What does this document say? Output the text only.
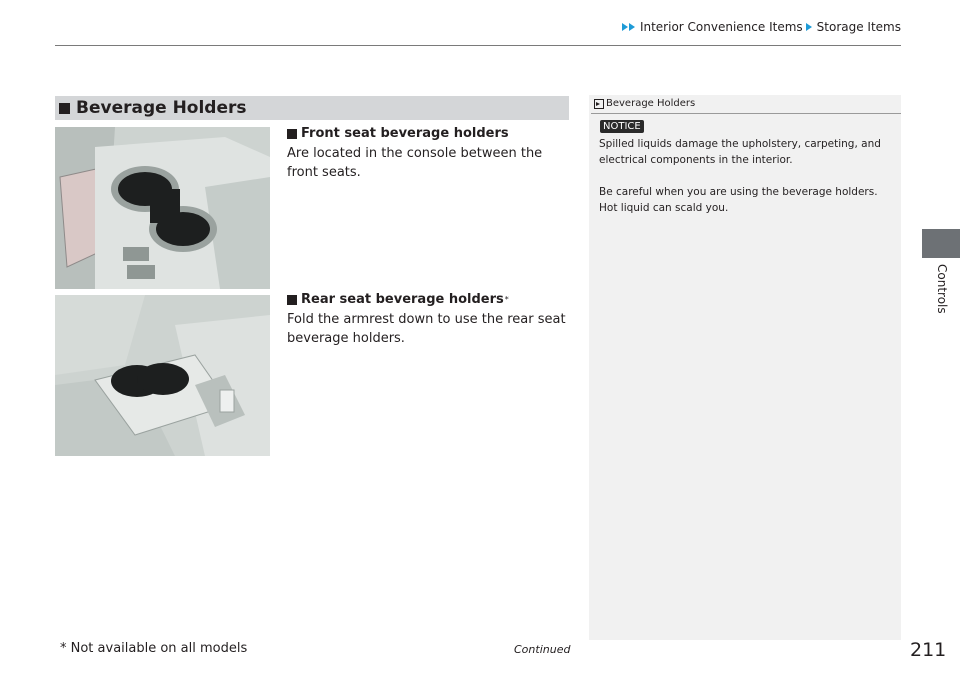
Interior Convenience Items Storage Items
Controls
Beverage Holders
Front seat beverage holders
Are located in the console between the front seats.
Rear seat beverage holders *
Fold the armrest down to use the rear seat beverage holders.
Beverage Holders
NOTICE
Spilled liquids damage the upholstery, carpeting, and electrical components in the interior.
Be careful when you are using the beverage holders. Hot liquid can scald you.
* Not available on all models	Continued	211
